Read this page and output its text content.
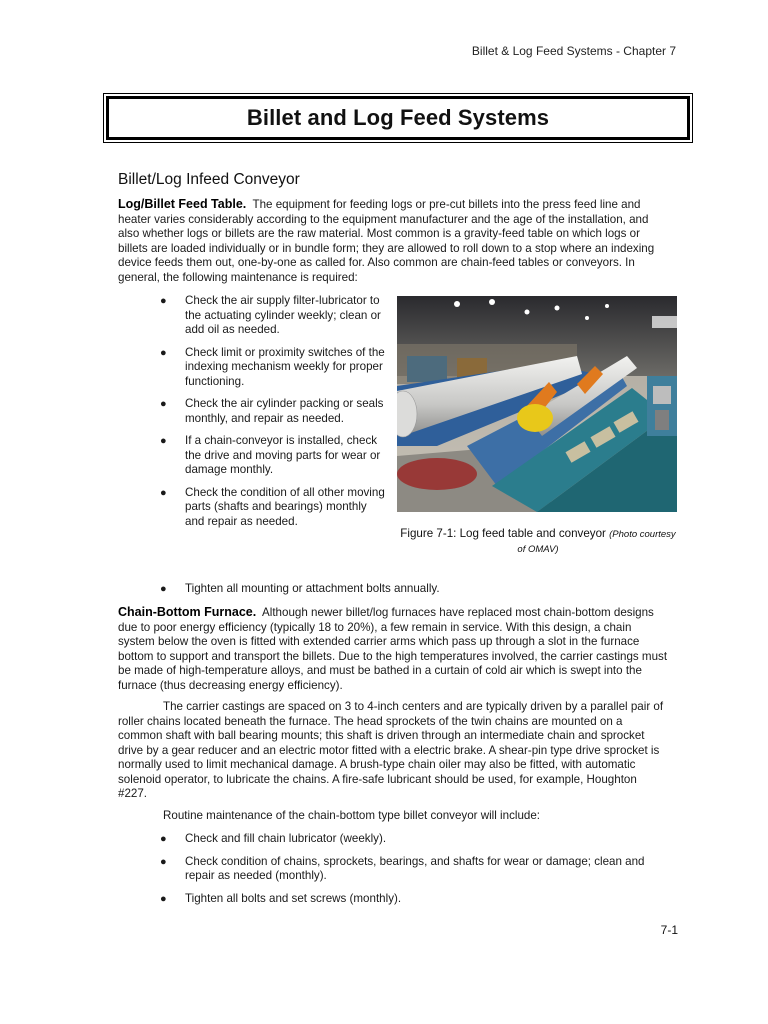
Billet & Log Feed Systems - Chapter 7
Billet and Log Feed Systems
Billet/Log Infeed Conveyor

Log/Billet Feed Table. The equipment for feeding logs or pre-cut billets into the press feed line and heater varies considerably according to the equipment manufacturer and the age of the installation, and also whether logs or billets are the raw material. Most common is a gravity-feed table on which logs or billets are loaded individually or in bundle form; they are allowed to roll down to a stop where an indexing device feeds them out, one-by-one as called for. Also common are chain-feed tables or conveyors. In general, the following maintenance is required:

● Check the air supply filter-lubricator to the actuating cylinder weekly; clean or add oil as needed.
● Check limit or proximity switches of the indexing mechanism weekly for proper functioning.
● Check the air cylinder packing or seals monthly, and repair as needed.
● If a chain-conveyor is installed, check the drive and moving parts for wear or damage monthly.
● Check the condition of all other moving parts (shafts and bearings) monthly and repair as needed.
● Tighten all mounting or attachment bolts annually.
Figure 7-1: Log feed table and conveyor (Photo courtesy of OMAV)

Chain-Bottom Furnace. Although newer billet/log furnaces have replaced most chain-bottom designs due to poor energy efficiency (typically 18 to 20%), a few remain in service. With this design, a chain system below the oven is fitted with extended carrier arms which pass up through a slot in the furnace bottom to support and transport the billets. Due to the high temperatures involved, the carrier castings must be made of high-temperature alloys, and must be bathed in a curtain of cold air which is swept into the furnace (thus decreasing energy efficiency).

The carrier castings are spaced on 3 to 4-inch centers and are typically driven by a parallel pair of roller chains located beneath the furnace. The head sprockets of the twin chains are mounted on a common shaft with ball bearing mounts; this shaft is driven through an intermediate chain and sprocket drive by a gear reducer and an electric motor fitted with a electric brake. A shear-pin type drive sprocket is normally used to limit mechanical damage. A brush-type chain oiler may also be fitted, with automatic solenoid operator, to lubricate the chains. A fire-safe lubricant should be used, for example, Houghton #227.

Routine maintenance of the chain-bottom type billet conveyor will include:

● Check and fill chain lubricator (weekly).
● Check condition of chains, sprockets, bearings, and shafts for wear or damage; clean and repair as needed (monthly).
● Tighten all bolts and set screws (monthly).
7-1
